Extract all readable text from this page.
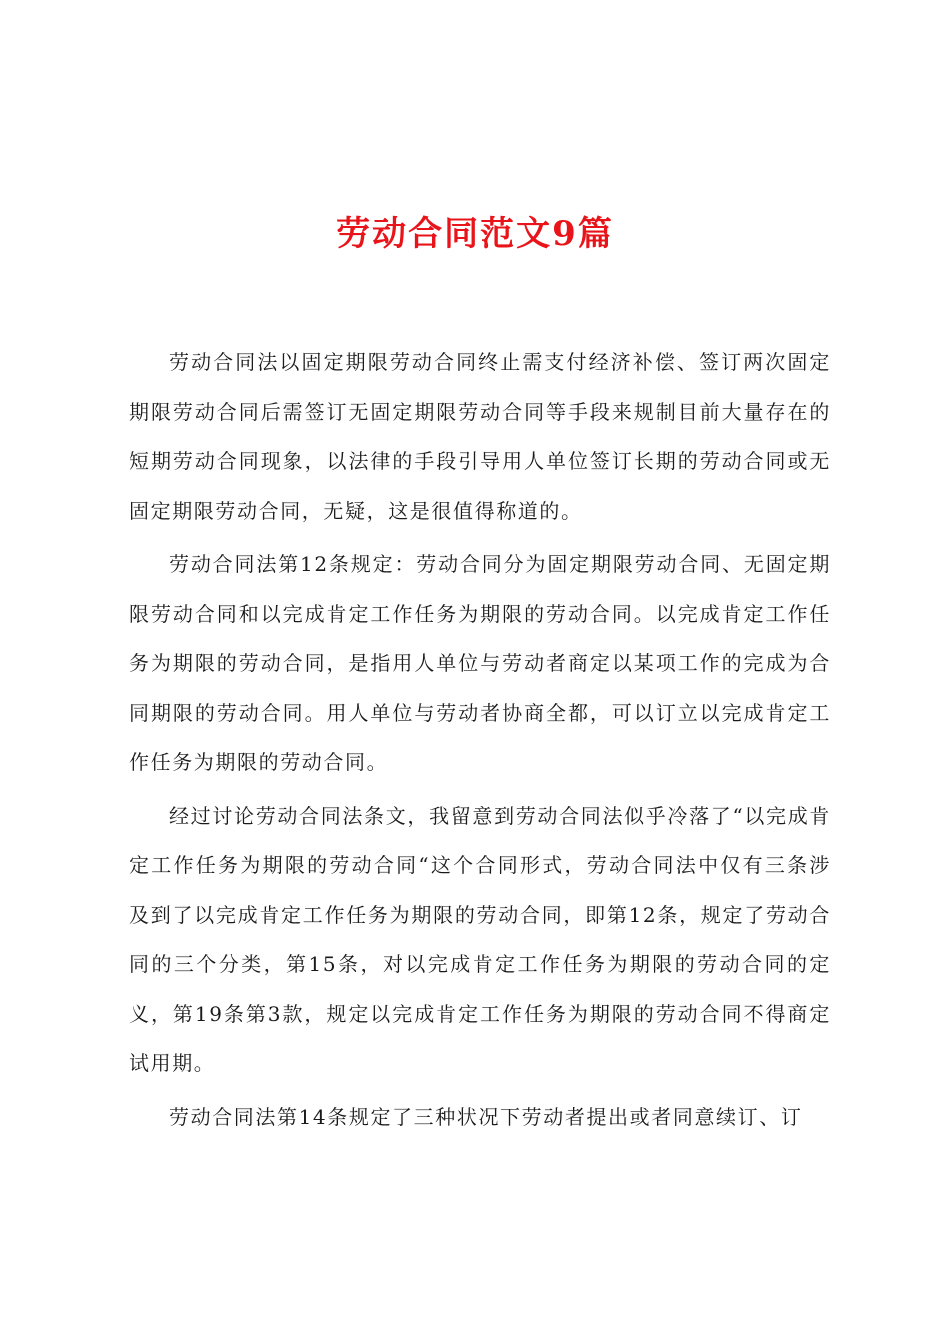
劳动合同范文9篇

劳动合同法以固定期限劳动合同终止需支付经济补偿、签订两次固定期限劳动合同后需签订无固定期限劳动合同等手段来规制目前大量存在的短期劳动合同现象，以法律的手段引导用人单位签订长期的劳动合同或无固定期限劳动合同，无疑，这是很值得称道的。

劳动合同法第12条规定：劳动合同分为固定期限劳动合同、无固定期限劳动合同和以完成肯定工作任务为期限的劳动合同。以完成肯定工作任务为期限的劳动合同，是指用人单位与劳动者商定以某项工作的完成为合同期限的劳动合同。用人单位与劳动者协商全都，可以订立以完成肯定工作任务为期限的劳动合同。

经过讨论劳动合同法条文，我留意到劳动合同法似乎冷落了“以完成肯定工作任务为期限的劳动合同“这个合同形式，劳动合同法中仅有三条涉及到了以完成肯定工作任务为期限的劳动合同，即第12条，规定了劳动合同的三个分类，第15条，对以完成肯定工作任务为期限的劳动合同的定义，第19条第3款，规定以完成肯定工作任务为期限的劳动合同不得商定试用期。

劳动合同法第14条规定了三种状况下劳动者提出或者同意续订、订
